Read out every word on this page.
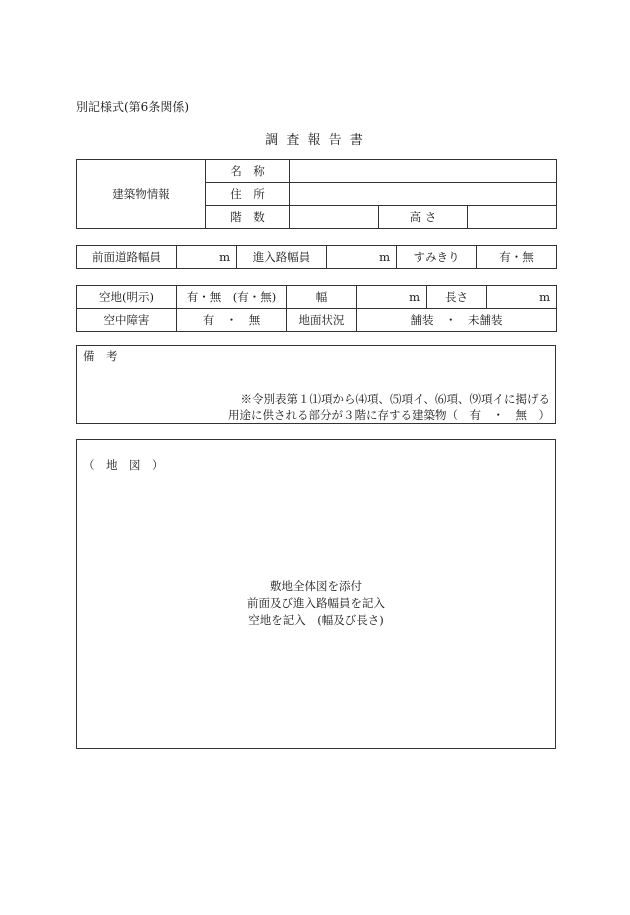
別記様式(第6条関係)
調 査 報 告 書
建築物情報	名　称			
	住　所			
	階　数		高 さ	
前面道路幅員	m	進入路幅員	m	すみきり	有・無
空地(明示)	有・無　(有・無)	幅	m	長さ	m
空中障害	有　・　無	地面状況	舗装　・　未舗装		
備　考
※令別表第１⑴項から⑷項、⑸項イ、⑹項、⑼項イに掲げる
用途に供される部分が３階に存する建築物（　有　・　無　）
（　地　図　）
敷地全体図を添付
前面及び進入路幅員を記入
空地を記入　(幅及び長さ)
